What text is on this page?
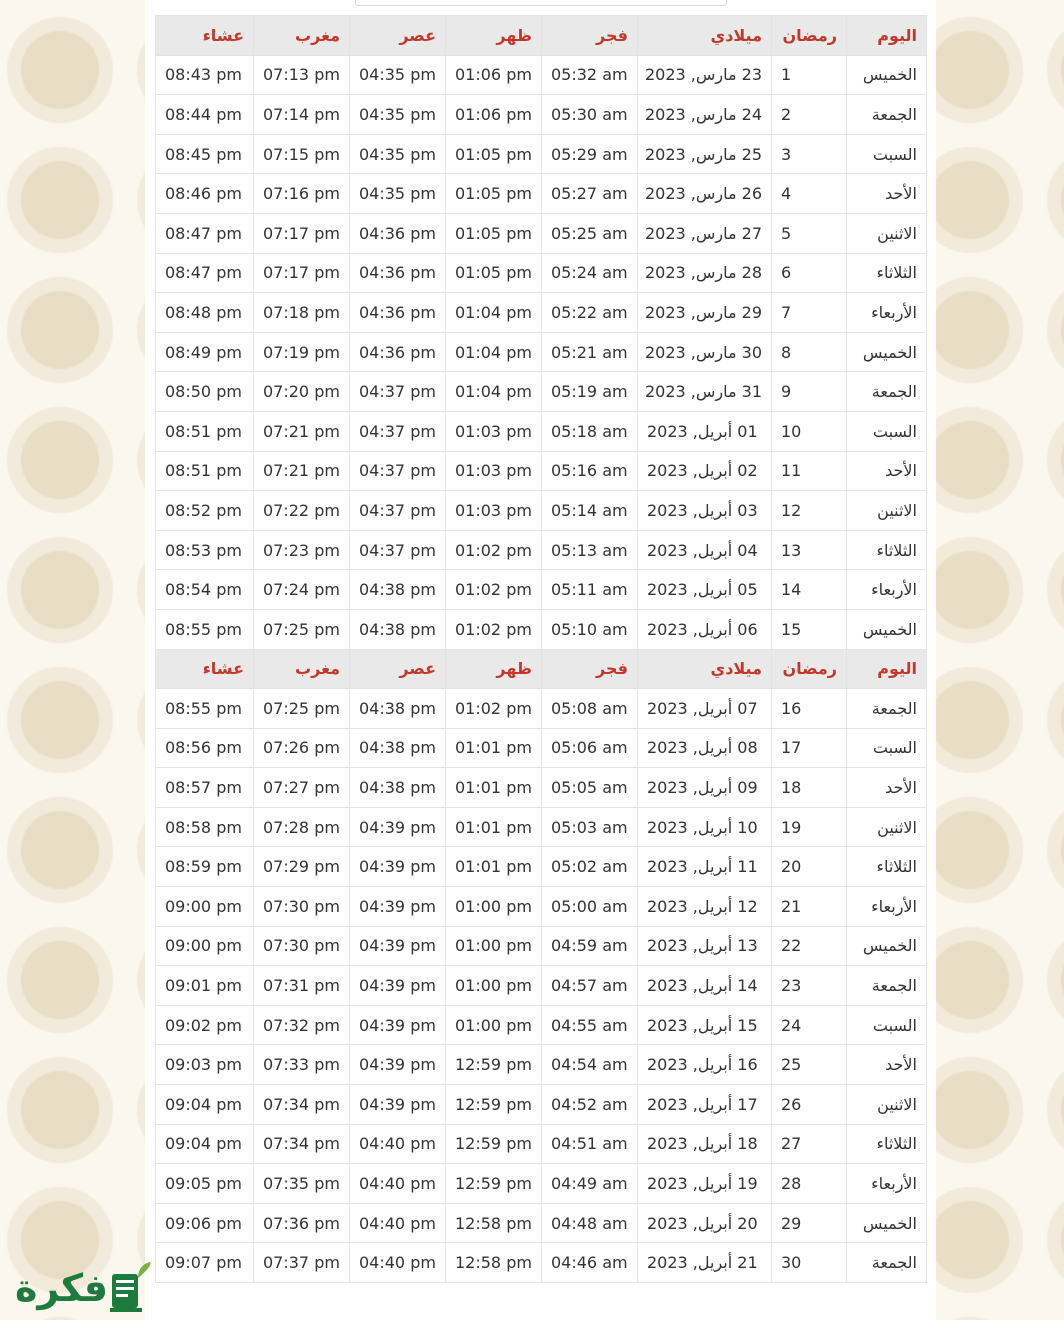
اليوم	رمضان	ميلادي	فجر	ظهر	عصر	مغرب	عشاء
الخميس	1	23 مارس, 2023	05:32 am	01:06 pm	04:35 pm	07:13 pm	08:43 pm
الجمعة	2	24 مارس, 2023	05:30 am	01:06 pm	04:35 pm	07:14 pm	08:44 pm
السبت	3	25 مارس, 2023	05:29 am	01:05 pm	04:35 pm	07:15 pm	08:45 pm
الأحد	4	26 مارس, 2023	05:27 am	01:05 pm	04:35 pm	07:16 pm	08:46 pm
الاثنين	5	27 مارس, 2023	05:25 am	01:05 pm	04:36 pm	07:17 pm	08:47 pm
الثلاثاء	6	28 مارس, 2023	05:24 am	01:05 pm	04:36 pm	07:17 pm	08:47 pm
الأربعاء	7	29 مارس, 2023	05:22 am	01:04 pm	04:36 pm	07:18 pm	08:48 pm
الخميس	8	30 مارس, 2023	05:21 am	01:04 pm	04:36 pm	07:19 pm	08:49 pm
الجمعة	9	31 مارس, 2023	05:19 am	01:04 pm	04:37 pm	07:20 pm	08:50 pm
السبت	10	01 أبريل, 2023	05:18 am	01:03 pm	04:37 pm	07:21 pm	08:51 pm
الأحد	11	02 أبريل, 2023	05:16 am	01:03 pm	04:37 pm	07:21 pm	08:51 pm
الاثنين	12	03 أبريل, 2023	05:14 am	01:03 pm	04:37 pm	07:22 pm	08:52 pm
الثلاثاء	13	04 أبريل, 2023	05:13 am	01:02 pm	04:37 pm	07:23 pm	08:53 pm
الأربعاء	14	05 أبريل, 2023	05:11 am	01:02 pm	04:38 pm	07:24 pm	08:54 pm
الخميس	15	06 أبريل, 2023	05:10 am	01:02 pm	04:38 pm	07:25 pm	08:55 pm
اليوم	رمضان	ميلادي	فجر	ظهر	عصر	مغرب	عشاء
الجمعة	16	07 أبريل, 2023	05:08 am	01:02 pm	04:38 pm	07:25 pm	08:55 pm
السبت	17	08 أبريل, 2023	05:06 am	01:01 pm	04:38 pm	07:26 pm	08:56 pm
الأحد	18	09 أبريل, 2023	05:05 am	01:01 pm	04:38 pm	07:27 pm	08:57 pm
الاثنين	19	10 أبريل, 2023	05:03 am	01:01 pm	04:39 pm	07:28 pm	08:58 pm
الثلاثاء	20	11 أبريل, 2023	05:02 am	01:01 pm	04:39 pm	07:29 pm	08:59 pm
الأربعاء	21	12 أبريل, 2023	05:00 am	01:00 pm	04:39 pm	07:30 pm	09:00 pm
الخميس	22	13 أبريل, 2023	04:59 am	01:00 pm	04:39 pm	07:30 pm	09:00 pm
الجمعة	23	14 أبريل, 2023	04:57 am	01:00 pm	04:39 pm	07:31 pm	09:01 pm
السبت	24	15 أبريل, 2023	04:55 am	01:00 pm	04:39 pm	07:32 pm	09:02 pm
الأحد	25	16 أبريل, 2023	04:54 am	12:59 pm	04:39 pm	07:33 pm	09:03 pm
الاثنين	26	17 أبريل, 2023	04:52 am	12:59 pm	04:39 pm	07:34 pm	09:04 pm
الثلاثاء	27	18 أبريل, 2023	04:51 am	12:59 pm	04:40 pm	07:34 pm	09:04 pm
الأربعاء	28	19 أبريل, 2023	04:49 am	12:59 pm	04:40 pm	07:35 pm	09:05 pm
الخميس	29	20 أبريل, 2023	04:48 am	12:58 pm	04:40 pm	07:36 pm	09:06 pm
الجمعة	30	21 أبريل, 2023	04:46 am	12:58 pm	04:40 pm	07:37 pm	09:07 pm
فكرة
